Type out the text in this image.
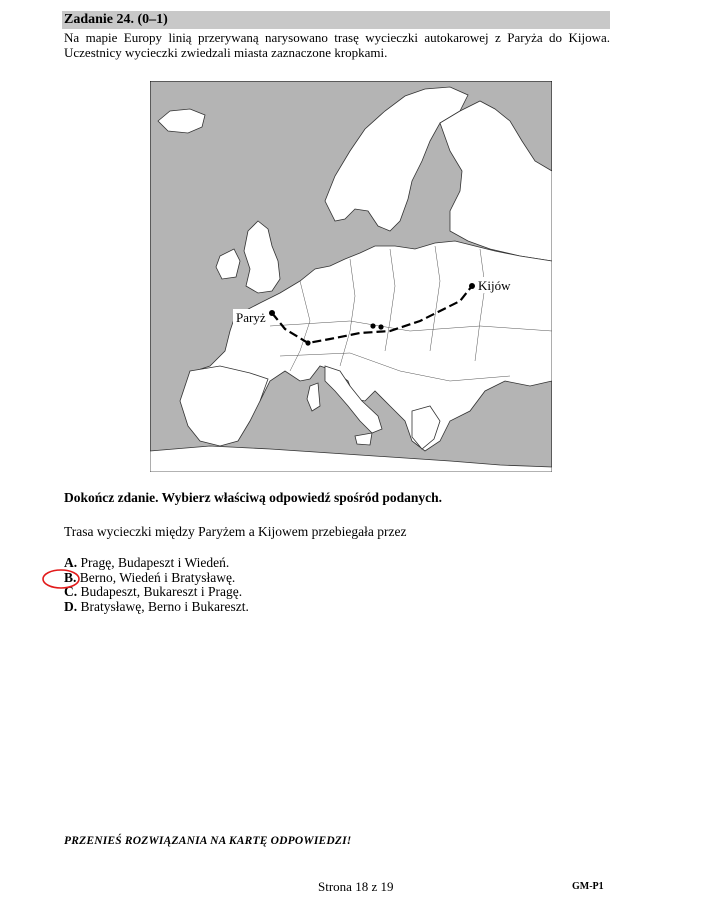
Zadanie 24. (0–1)
Na mapie Europy linią przerywaną narysowano trasę wycieczki autokarowej z Paryża do Kijowa. Uczestnicy wycieczki zwiedzali miasta zaznaczone kropkami.
Paryż
Kijów
Dokończ zdanie. Wybierz właściwą odpowiedź spośród podanych.
Trasa wycieczki między Paryżem a Kijowem przebiegała przez
A. Pragę, Budapeszt i Wiedeń.
B. Berno, Wiedeń i Bratysławę.
C. Budapeszt, Bukareszt i Pragę.
D. Bratysławę, Berno i Bukareszt.
PRZENIEŚ ROZWIĄZANIA NA KARTĘ ODPOWIEDZI!
Strona 18 z 19	GM-P1
